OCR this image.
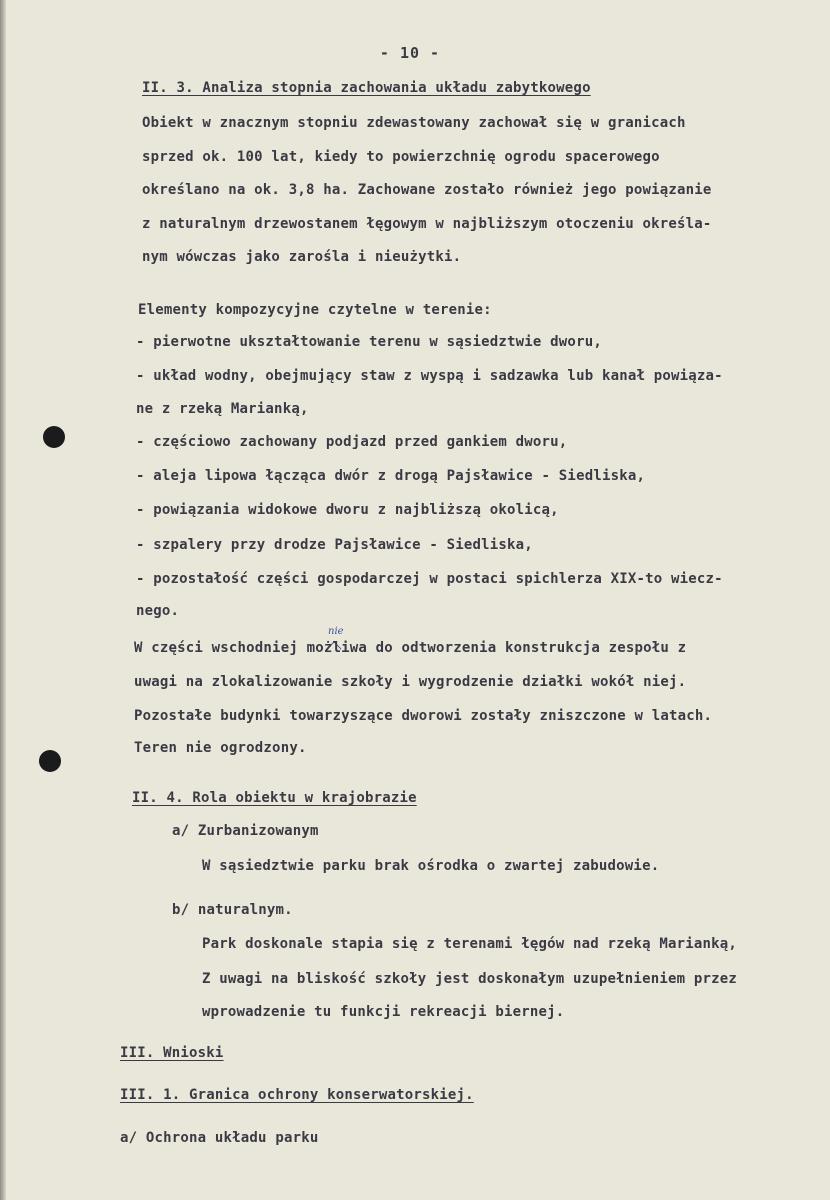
- 10 -
II. 3. Analiza stopnia zachowania układu zabytkowego
Obiekt w znacznym stopniu zdewastowany zachował się w granicach
sprzed ok. 100 lat, kiedy to powierzchnię ogrodu spacerowego
określano na ok. 3,8 ha. Zachowane zostało również jego powiązanie
z naturalnym drzewostanem łęgowym w najbliższym otoczeniu określa-
nym wówczas jako zarośla i nieużytki.
Elementy kompozycyjne czytelne w terenie:
- pierwotne ukształtowanie terenu w sąsiedztwie dworu,
- układ wodny, obejmujący staw z wyspą i sadzawka lub kanał powiąza-
ne z rzeką Marianką,
- częściowo zachowany podjazd przed gankiem dworu,
- aleja lipowa łącząca dwór z drogą Pajsławice - Siedliska,
- powiązania widokowe dworu z najbliższą okolicą,
- szpalery przy drodze Pajsławice - Siedliska,
- pozostałość części gospodarczej w postaci spichlerza XIX-to wiecz-
nego.
nie
W części wschodniej możliwa do odtworzenia konstrukcja zespołu z
uwagi na zlokalizowanie szkoły i wygrodzenie działki wokół niej.
Pozostałe budynki towarzyszące dworowi zostały zniszczone w latach.
Teren nie ogrodzony.
II. 4. Rola obiektu w krajobrazie
a/ Zurbanizowanym
W sąsiedztwie parku brak ośrodka o zwartej zabudowie.
b/ naturalnym.
Park doskonale stapia się z terenami łęgów nad rzeką Marianką,
Z uwagi na bliskość szkoły jest doskonałym uzupełnieniem przez
wprowadzenie tu funkcji rekreacji biernej.
III. Wnioski
III. 1. Granica ochrony konserwatorskiej.
a/ Ochrona układu parku
